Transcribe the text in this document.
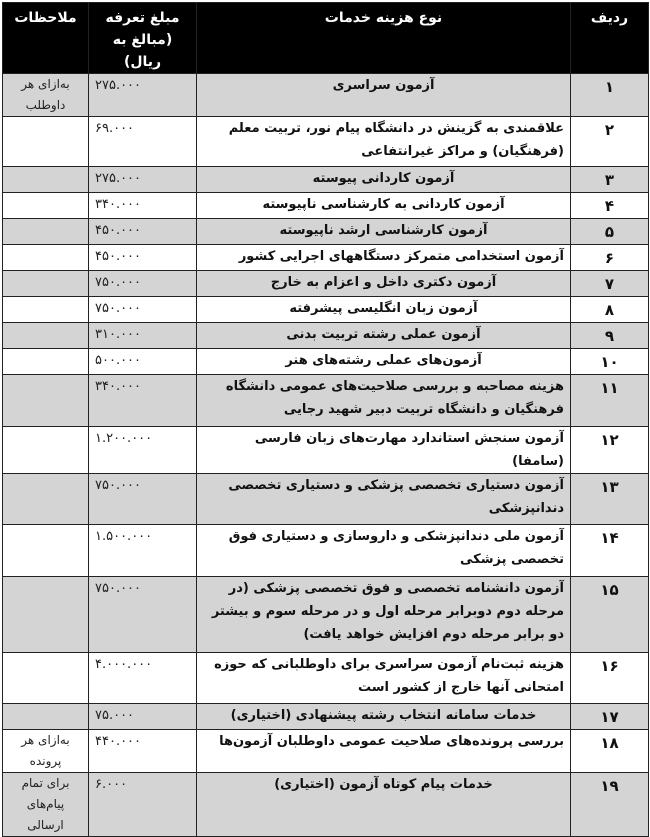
ردیف	نوع هزینه خدمات	مبلغ تعرفه
(مبالغ به ریال)	ملاحظات
۱	آزمون سراسری	۲۷۵.۰۰۰	به‌ازای هر داوطلب
۲	علاقمندی به گزینش در دانشگاه پیام نور، تربیت معلم (فرهنگیان) و مراکز غیرانتفاعی	۶۹.۰۰۰	
۳	آزمون کاردانی پیوسته	۲۷۵.۰۰۰	
۴	آزمون کاردانی به کارشناسی ناپیوسته	۳۴۰.۰۰۰	
۵	آزمون کارشناسی ارشد ناپیوسته	۴۵۰.۰۰۰	
۶	آزمون استخدامی متمرکز دستگاههای اجرایی کشور	۴۵۰.۰۰۰	
۷	آزمون دکتری داخل و اعزام به خارج	۷۵۰.۰۰۰	
۸	آزمون زبان انگلیسی پیشرفته	۷۵۰.۰۰۰	
۹	آزمون عملی رشته تربیت بدنی	۳۱۰.۰۰۰	
۱۰	آزمون‌های عملی رشته‌های هنر	۵۰۰.۰۰۰	
۱۱	هزینه مصاحبه و بررسی صلاحیت‌های عمومی دانشگاه فرهنگیان و دانشگاه تربیت دبیر شهید رجایی	۳۴۰.۰۰۰	
۱۲	آزمون سنجش استاندارد مهارت‌های زبان فارسی (سامفا)	۱.۲۰۰.۰۰۰	
۱۳	آزمون دستیاری تخصصی پزشکی و دستیاری تخصصی دندانپزشکی	۷۵۰.۰۰۰	
۱۴	آزمون ملی دندانپزشکی و داروسازی و دستیاری فوق تخصصی پزشکی	۱.۵۰۰.۰۰۰	
۱۵	آزمون دانشنامه تخصصی و فوق تخصصی پزشکی (در مرحله دوم دوبرابر مرحله اول و در مرحله سوم و بیشتر دو برابر مرحله دوم افزایش خواهد یافت)	۷۵۰.۰۰۰	
۱۶	هزینه ثبت‌نام آزمون سراسری برای داوطلبانی که حوزه امتحانی آنها خارج از کشور است	۴.۰۰۰.۰۰۰	
۱۷	خدمات سامانه انتخاب رشته پیشنهادی (اختیاری)	۷۵.۰۰۰	
۱۸	بررسی پرونده‌های صلاحیت عمومی داوطلبان آزمون‌ها	۴۴۰.۰۰۰	به‌ازای هر پرونده
۱۹	خدمات پیام کوتاه آزمون (اختیاری)	۶.۰۰۰	برای تمام پیام‌های ارسالی
